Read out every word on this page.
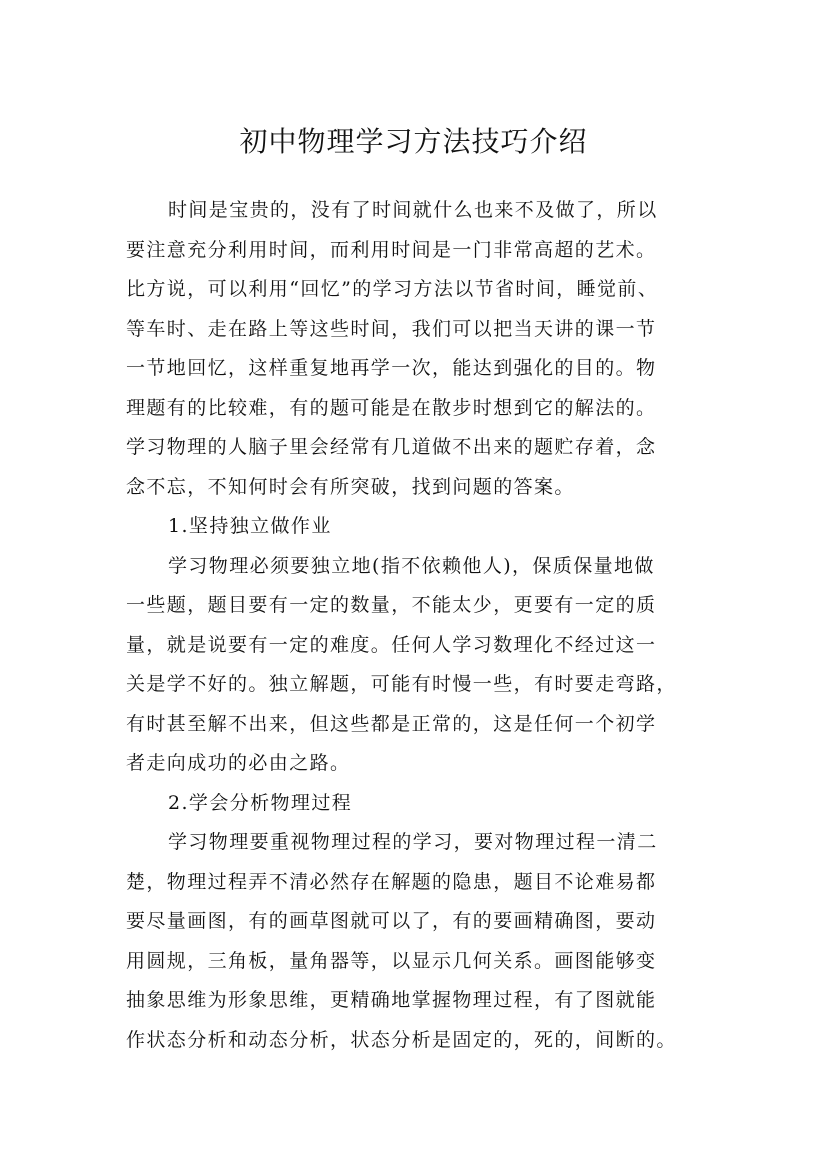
初中物理学习方法技巧介绍
时间是宝贵的，没有了时间就什么也来不及做了，所以
要注意充分利用时间，而利用时间是一门非常高超的艺术。
比方说，可以利用“回忆”的学习方法以节省时间，睡觉前、
等车时、走在路上等这些时间，我们可以把当天讲的课一节
一节地回忆，这样重复地再学一次，能达到强化的目的。物
理题有的比较难，有的题可能是在散步时想到它的解法的。
学习物理的人脑子里会经常有几道做不出来的题贮存着，念
念不忘，不知何时会有所突破，找到问题的答案。
1.坚持独立做作业
学习物理必须要独立地(指不依赖他人)，保质保量地做
一些题，题目要有一定的数量，不能太少，更要有一定的质
量，就是说要有一定的难度。任何人学习数理化不经过这一
关是学不好的。独立解题，可能有时慢一些，有时要走弯路，
有时甚至解不出来，但这些都是正常的，这是任何一个初学
者走向成功的必由之路。
2.学会分析物理过程
学习物理要重视物理过程的学习，要对物理过程一清二
楚，物理过程弄不清必然存在解题的隐患，题目不论难易都
要尽量画图，有的画草图就可以了，有的要画精确图，要动
用圆规，三角板，量角器等，以显示几何关系。画图能够变
抽象思维为形象思维，更精确地掌握物理过程，有了图就能
作状态分析和动态分析，状态分析是固定的，死的，间断的。
